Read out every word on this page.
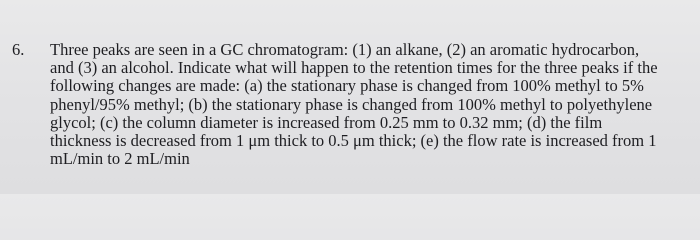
6. Three peaks are seen in a GC chromatogram: (1) an alkane, (2) an aromatic hydrocarbon,
and (3) an alcohol. Indicate what will happen to the retention times for the three peaks if the
following changes are made: (a) the stationary phase is changed from 100% methyl to 5%
phenyl/95% methyl; (b) the stationary phase is changed from 100% methyl to polyethylene
glycol; (c) the column diameter is increased from 0.25 mm to 0.32 mm; (d) the film
thickness is decreased from 1 μm thick to 0.5 μm thick; (e) the flow rate is increased from 1
mL/min to 2 mL/min
